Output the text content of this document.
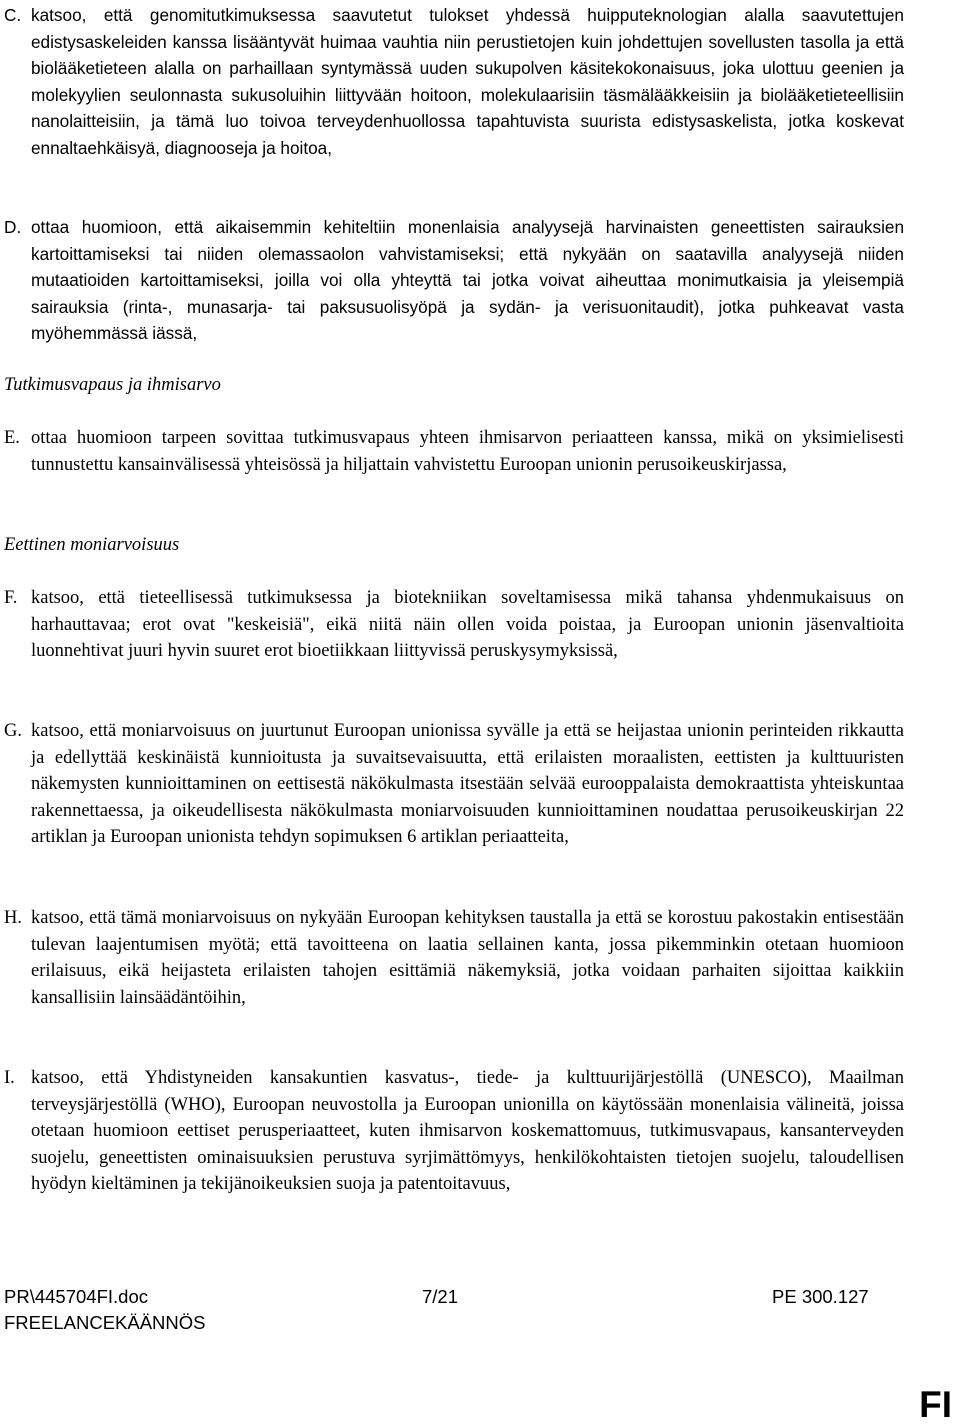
C. katsoo, että genomitutkimuksessa saavutetut tulokset yhdessä huipputeknologian alalla saavutettujen edistysaskeleiden kanssa lisääntyvät huimaa vauhtia niin perustietojen kuin johdettujen sovellusten tasolla ja että biolääketieteen alalla on parhaillaan syntymässä uuden sukupolven käsitekokonaisuus, joka ulottuu geenien ja molekyylien seulonnasta sukusoluihin liittyvään hoitoon, molekulaarisiin täsmälääkkeisiin ja biolääketieteellisiin nanolaitteisiin, ja tämä luo toivoa terveydenhuollossa tapahtuvista suurista edistysaskelista, jotka koskevat ennaltaehkäisyä, diagnooseja ja hoitoa,
D. ottaa huomioon, että aikaisemmin kehiteltiin monenlaisia analyysejä harvinaisten geneettisten sairauksien kartoittamiseksi tai niiden olemassaolon vahvistamiseksi; että nykyään on saatavilla analyysejä niiden mutaatioiden kartoittamiseksi, joilla voi olla yhteyttä tai jotka voivat aiheuttaa monimutkaisia ja yleisempiä sairauksia (rinta-, munasarja- tai paksusuolisyöpä ja sydän- ja verisuonitaudit), jotka puhkeavat vasta myöhemmässä iässä,
Tutkimusvapaus ja ihmisarvo
E. ottaa huomioon tarpeen sovittaa tutkimusvapaus yhteen ihmisarvon periaatteen kanssa, mikä on yksimielisesti tunnustettu kansainvälisessä yhteisössä ja hiljattain vahvistettu Euroopan unionin perusoikeuskirjassa,
Eettinen moniarvoisuus
F. katsoo, että tieteellisessä tutkimuksessa ja biotekniikan soveltamisessa mikä tahansa yhdenmukaisuus on harhauttavaa; erot ovat "keskeisiä", eikä niitä näin ollen voida poistaa, ja Euroopan unionin jäsenvaltioita luonnehtivat juuri hyvin suuret erot bioetiikkaan liittyvissä peruskysymyksissä,
G. katsoo, että moniarvoisuus on juurtunut Euroopan unionissa syvälle ja että se heijastaa unionin perinteiden rikkautta ja edellyttää keskinäistä kunnioitusta ja suvaitsevaisuutta, että erilaisten moraalisten, eettisten ja kulttuuristen näkemysten kunnioittaminen on eettisestä näkökulmasta itsestään selvää eurooppalaista demokraattista yhteiskuntaa rakennettaessa, ja oikeudellisesta näkökulmasta moniarvoisuuden kunnioittaminen noudattaa perusoikeuskirjan 22 artiklan ja Euroopan unionista tehdyn sopimuksen 6 artiklan periaatteita,
H. katsoo, että tämä moniarvoisuus on nykyään Euroopan kehityksen taustalla ja että se korostuu pakostakin entisestään tulevan laajentumisen myötä; että tavoitteena on laatia sellainen kanta, jossa pikemminkin otetaan huomioon erilaisuus, eikä heijasteta erilaisten tahojen esittämiä näkemyksiä, jotka voidaan parhaiten sijoittaa kaikkiin kansallisiin lainsäädäntöihin,
I. katsoo, että Yhdistyneiden kansakuntien kasvatus-, tiede- ja kulttuurijärjestöllä (UNESCO), Maailman terveysjärjestöllä (WHO), Euroopan neuvostolla ja Euroopan unionilla on käytössään monenlaisia välineitä, joissa otetaan huomioon eettiset perusperiaatteet, kuten ihmisarvon koskemattomuus, tutkimusvapaus, kansanterveyden suojelu, geneettisten ominaisuuksien perustuva syrjimättömyys, henkilökohtaisten tietojen suojelu, taloudellisen hyödyn kieltäminen ja tekijänoikeuksien suoja ja patentoitavuus,
PR\445704FI.doc	7/21	PE 300.127
FREELANCEKÄÄNNÖS
FI
